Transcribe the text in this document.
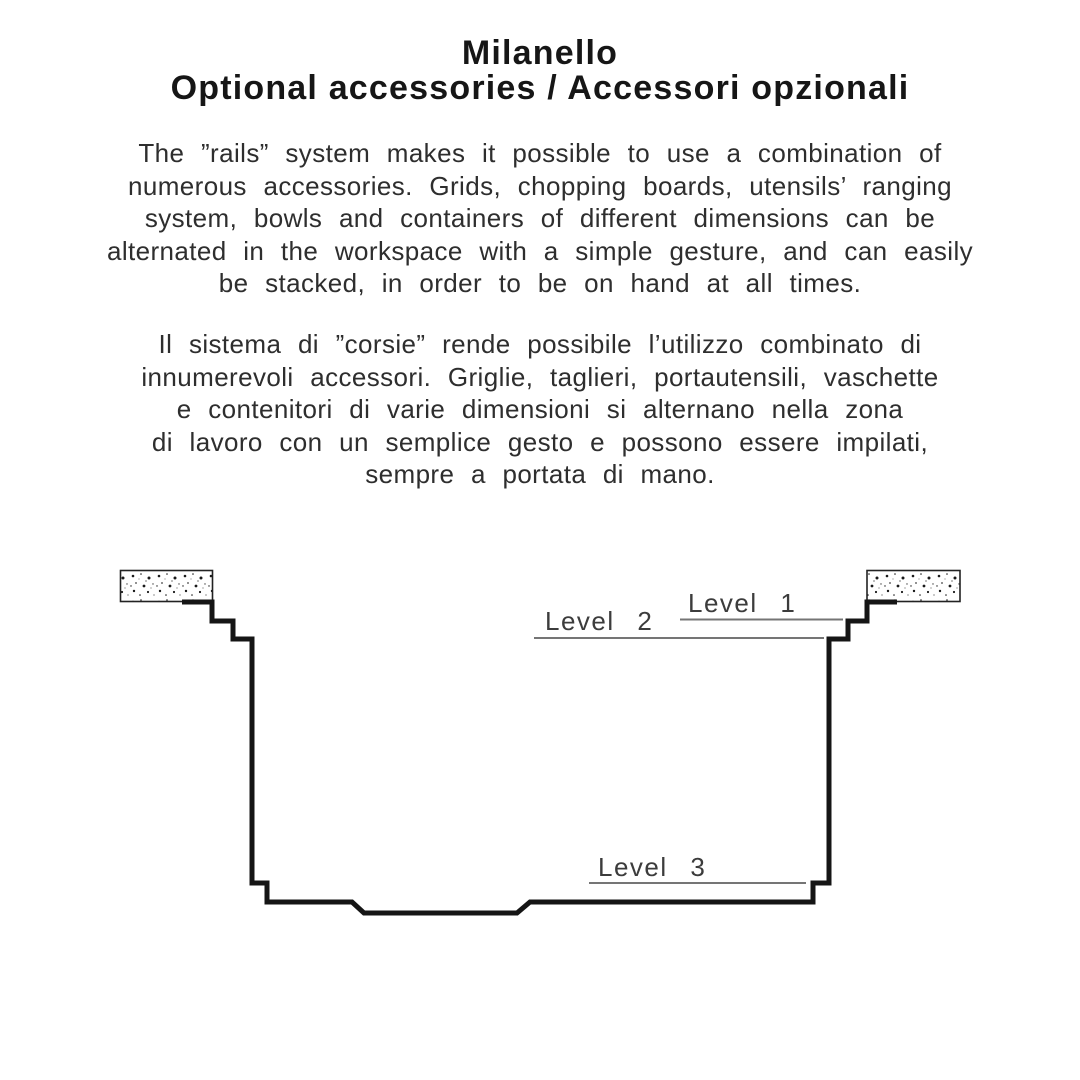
Milanello
Optional accessories / Accessori opzionali
The ”rails” system makes it possible to use a combination of
numerous accessories. Grids, chopping boards, utensils’ ranging
system, bowls and containers of different dimensions can be
alternated in the workspace with a simple gesture, and can easily
be stacked, in order to be on hand at all times.
Il sistema di ”corsie” rende possibile l’utilizzo combinato di
innumerevoli accessori. Griglie, taglieri, portautensili, vaschette
e contenitori di varie dimensioni si alternano nella zona
di lavoro con un semplice gesto e possono essere impilati,
sempre a portata di mano.
Level 1
Level 2
Level 3
